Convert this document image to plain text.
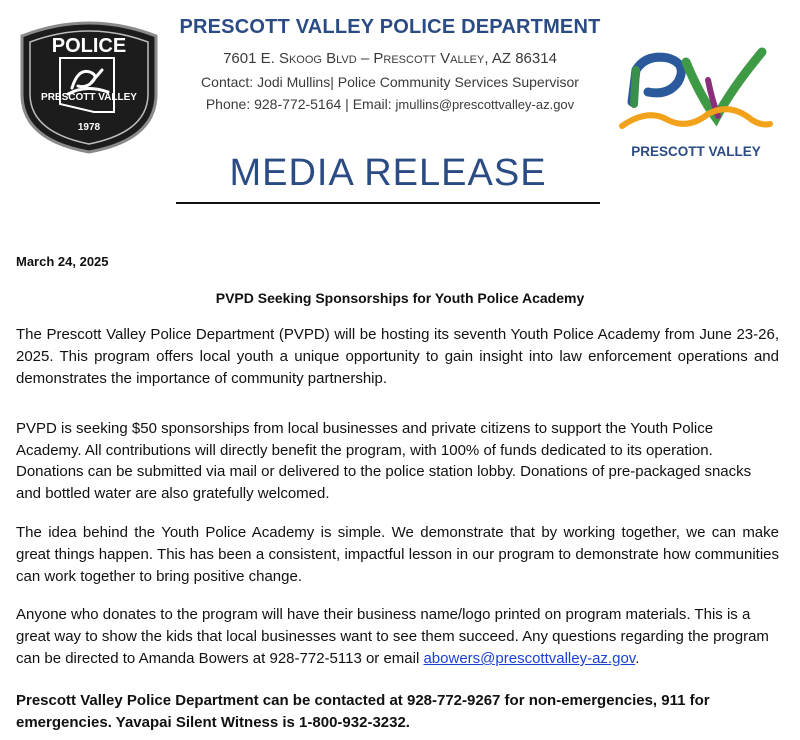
POLICE
PRESCOTT VALLEY
1978
PRESCOTT VALLEY POLICE DEPARTMENT
7601 E. Skoog Blvd – Prescott Valley, AZ 86314
Contact: Jodi Mullins| Police Community Services Supervisor
Phone: 928-772-5164 | Email: jmullins@prescottvalley-az.gov
PRESCOTT VALLEY
MEDIA RELEASE
March 24, 2025
PVPD Seeking Sponsorships for Youth Police Academy

The Prescott Valley Police Department (PVPD) will be hosting its seventh Youth Police Academy from June 23-26, 2025. This program offers local youth a unique opportunity to gain insight into law enforcement operations and demonstrates the importance of community partnership.

PVPD is seeking $50 sponsorships from local businesses and private citizens to support the Youth Police Academy. All contributions will directly benefit the program, with 100% of funds dedicated to its operation. Donations can be submitted via mail or delivered to the police station lobby. Donations of pre-packaged snacks and bottled water are also gratefully welcomed.

The idea behind the Youth Police Academy is simple. We demonstrate that by working together, we can make great things happen. This has been a consistent, impactful lesson in our program to demonstrate how communities can work together to bring positive change.

Anyone who donates to the program will have their business name/logo printed on program materials. This is a great way to show the kids that local businesses want to see them succeed. Any questions regarding the program can be directed to Amanda Bowers at 928-772-5113 or email abowers@prescottvalley-az.gov.

Prescott Valley Police Department can be contacted at 928-772-9267 for non-emergencies, 911 for emergencies. Yavapai Silent Witness is 1-800-932-3232.
